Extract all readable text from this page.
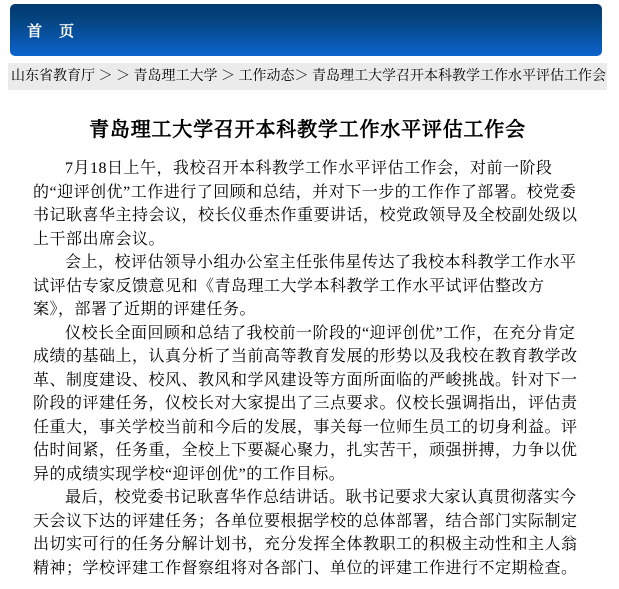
首　页
山东省教育厅 ＞ ＞ 青岛理工大学 ＞ 工作动态＞ 青岛理工大学召开本科教学工作水平评估工作会
青岛理工大学召开本科教学工作水平评估工作会

7月18日上午，我校召开本科教学工作水平评估工作会，对前一阶段的“迎评创优”工作进行了回顾和总结，并对下一步的工作作了部署。校党委书记耿喜华主持会议，校长仪垂杰作重要讲话，校党政领导及全校副处级以上干部出席会议。

会上，校评估领导小组办公室主任张伟星传达了我校本科教学工作水平试评估专家反馈意见和《青岛理工大学本科教学工作水平试评估整改方案》，部署了近期的评建任务。

仪校长全面回顾和总结了我校前一阶段的“迎评创优”工作，在充分肯定成绩的基础上，认真分析了当前高等教育发展的形势以及我校在教育教学改革、制度建设、校风、教风和学风建设等方面所面临的严峻挑战。针对下一阶段的评建任务，仪校长对大家提出了三点要求。仪校长强调指出，评估责任重大，事关学校当前和今后的发展，事关每一位师生员工的切身利益。评估时间紧，任务重，全校上下要凝心聚力，扎实苦干，顽强拼搏，力争以优异的成绩实现学校“迎评创优”的工作目标。

最后，校党委书记耿喜华作总结讲话。耿书记要求大家认真贯彻落实今天会议下达的评建任务；各单位要根据学校的总体部署，结合部门实际制定出切实可行的任务分解计划书，充分发挥全体教职工的积极主动性和主人翁精神；学校评建工作督察组将对各部门、单位的评建工作进行不定期检查。
